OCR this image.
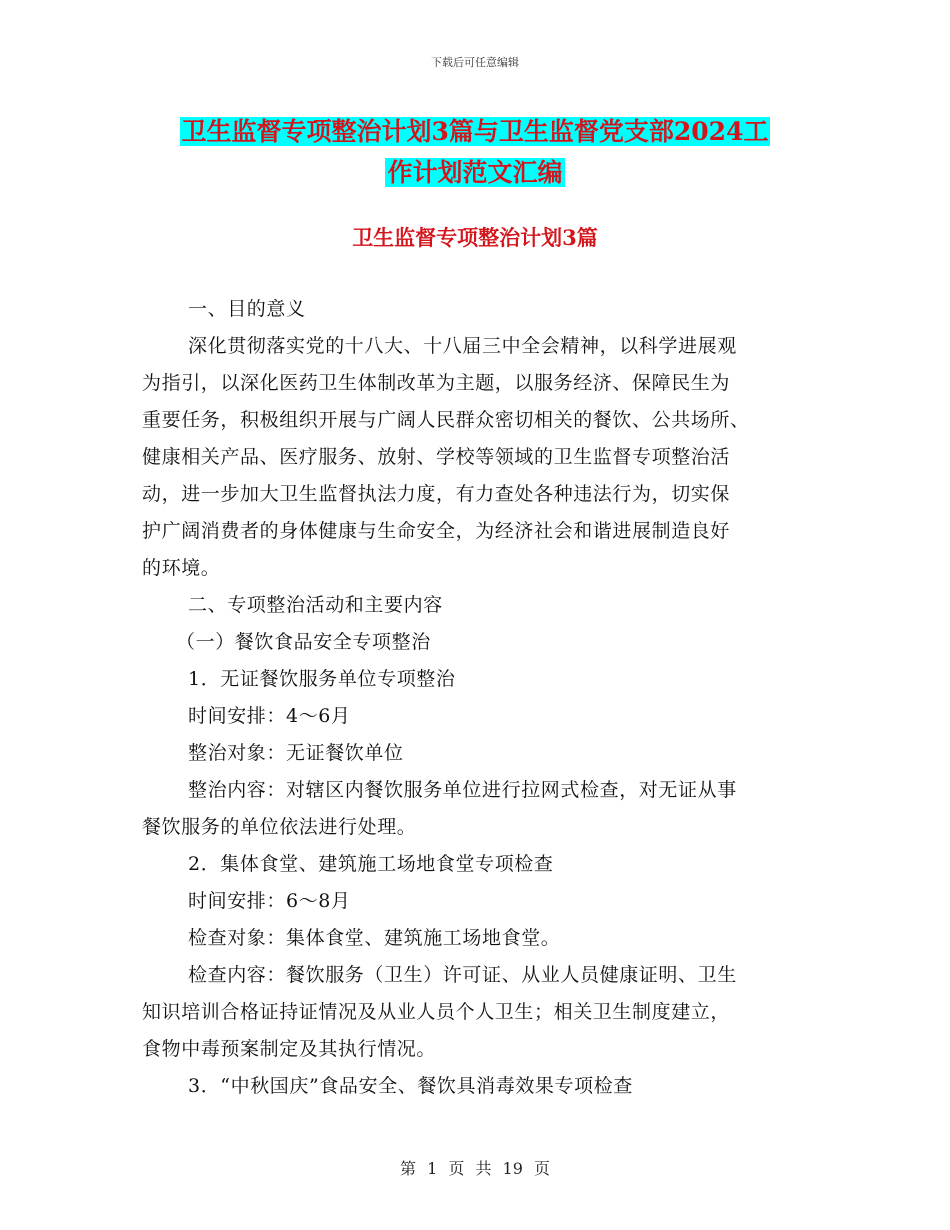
下载后可任意编辑
卫生监督专项整治计划3篇与卫生监督党支部2024工
作计划范文汇编
卫生监督专项整治计划3篇
一、目的意义
深化贯彻落实党的十八大、十八届三中全会精神，以科学进展观
为指引，以深化医药卫生体制改革为主题，以服务经济、保障民生为
重要任务，积极组织开展与广阔人民群众密切相关的餐饮、公共场所、
健康相关产品、医疗服务、放射、学校等领域的卫生监督专项整治活
动，进一步加大卫生监督执法力度，有力查处各种违法行为，切实保
护广阔消费者的身体健康与生命安全，为经济社会和谐进展制造良好
的环境。
二、专项整治活动和主要内容
（一）餐饮食品安全专项整治
1．无证餐饮服务单位专项整治
时间安排：4～6月
整治对象：无证餐饮单位
整治内容：对辖区内餐饮服务单位进行拉网式检查，对无证从事
餐饮服务的单位依法进行处理。
2．集体食堂、建筑施工场地食堂专项检查
时间安排：6～8月
检查对象：集体食堂、建筑施工场地食堂。
检查内容：餐饮服务（卫生）许可证、从业人员健康证明、卫生
知识培训合格证持证情况及从业人员个人卫生；相关卫生制度建立，
食物中毒预案制定及其执行情况。
3．“中秋国庆”食品安全、餐饮具消毒效果专项检查
第 1 页 共 19 页
